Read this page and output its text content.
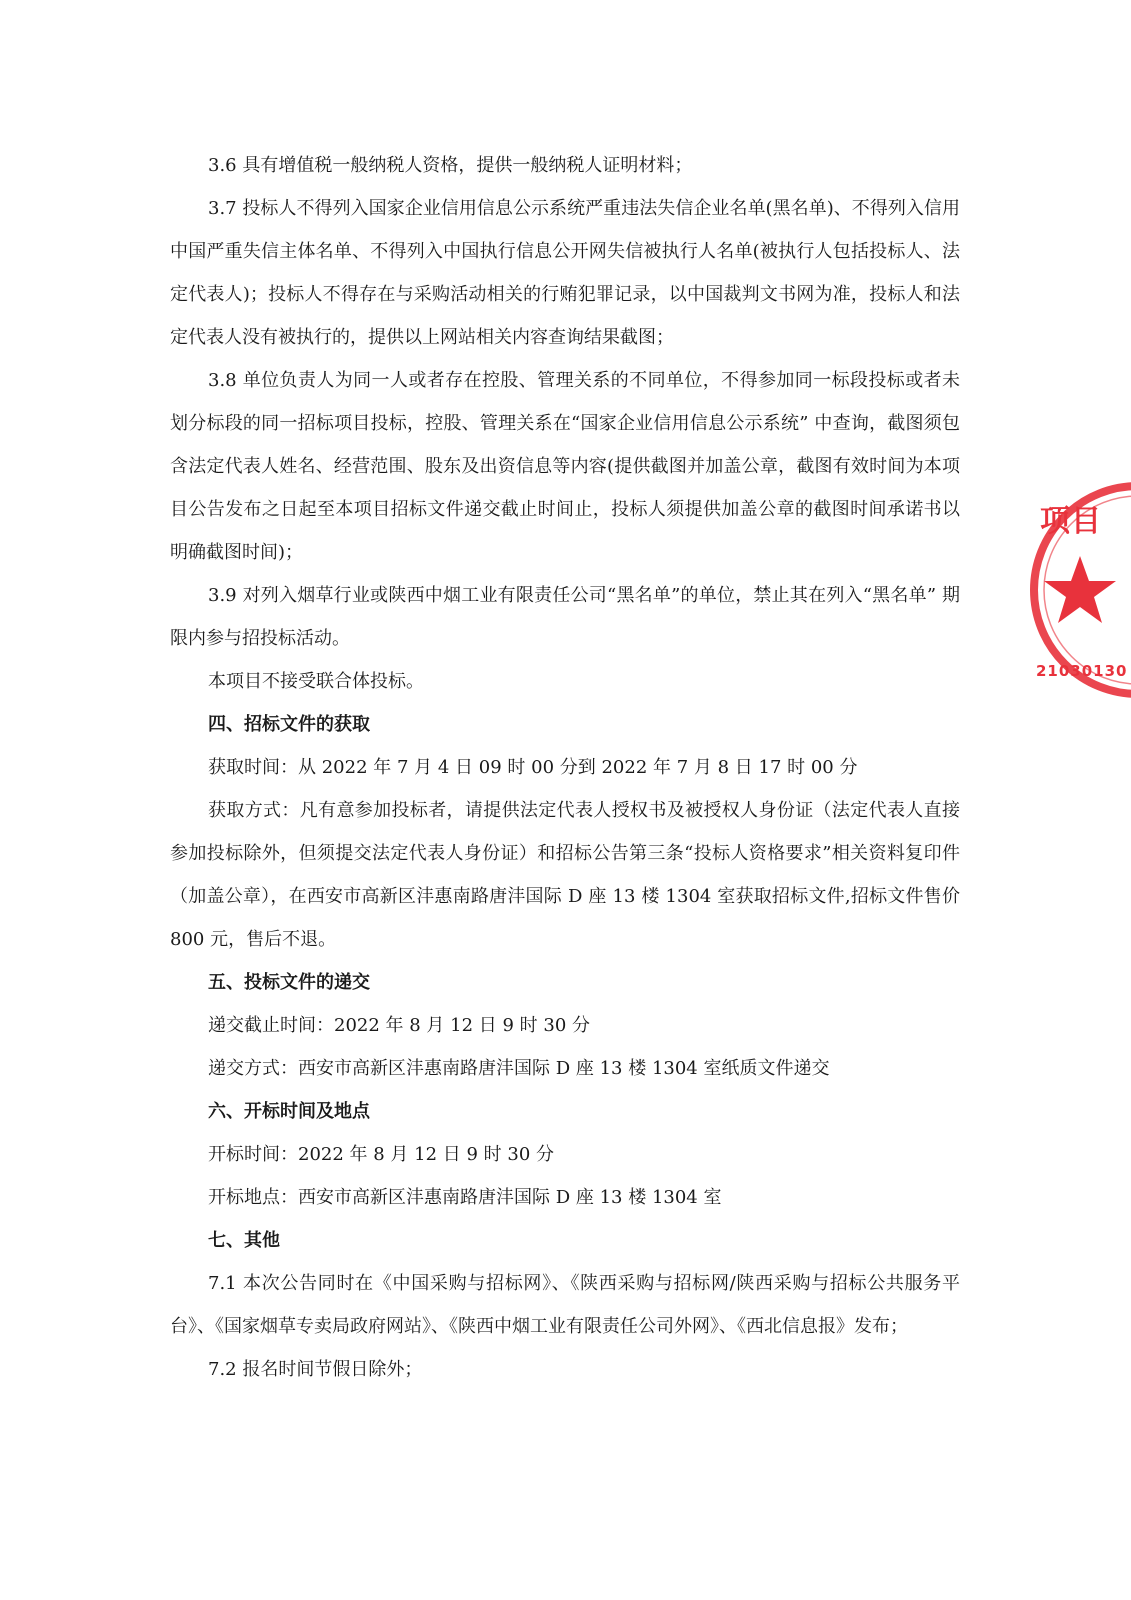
3.6 具有增值税一般纳税人资格，提供一般纳税人证明材料；

3.7 投标人不得列入国家企业信用信息公示系统严重违法失信企业名单(黑名单)、不得列入信用中国严重失信主体名单、不得列入中国执行信息公开网失信被执行人名单(被执行人包括投标人、法定代表人)；投标人不得存在与采购活动相关的行贿犯罪记录，以中国裁判文书网为准，投标人和法定代表人没有被执行的，提供以上网站相关内容查询结果截图；

3.8 单位负责人为同一人或者存在控股、管理关系的不同单位，不得参加同一标段投标或者未划分标段的同一招标项目投标，控股、管理关系在“国家企业信用信息公示系统” 中查询，截图须包含法定代表人姓名、经营范围、股东及出资信息等内容(提供截图并加盖公章，截图有效时间为本项目公告发布之日起至本项目招标文件递交截止时间止，投标人须提供加盖公章的截图时间承诺书以明确截图时间)；

3.9 对列入烟草行业或陕西中烟工业有限责任公司“黑名单”的单位，禁止其在列入“黑名单” 期限内参与招投标活动。

本项目不接受联合体投标。

四、招标文件的获取

获取时间：从 2022 年 7 月 4 日 09 时 00 分到 2022 年 7 月 8 日 17 时 00 分

获取方式：凡有意参加投标者，请提供法定代表人授权书及被授权人身份证（法定代表人直接参加投标除外，但须提交法定代表人身份证）和招标公告第三条“投标人资格要求”相关资料复印件（加盖公章），在西安市高新区沣惠南路唐沣国际 D 座 13 楼 1304 室获取招标文件,招标文件售价 800 元，售后不退。

五、投标文件的递交

递交截止时间：2022 年 8 月 12 日 9 时 30 分

递交方式：西安市高新区沣惠南路唐沣国际 D 座 13 楼 1304 室纸质文件递交

六、开标时间及地点

开标时间：2022 年 8 月 12 日 9 时 30 分

开标地点：西安市高新区沣惠南路唐沣国际 D 座 13 楼 1304 室

七、其他

7.1 本次公告同时在《中国采购与招标网》、《陕西采购与招标网/陕西采购与招标公共服务平台》、《国家烟草专卖局政府网站》、《陕西中烟工业有限责任公司外网》、《西北信息报》发布；

7.2 报名时间节假日除外；

项目
21030130
